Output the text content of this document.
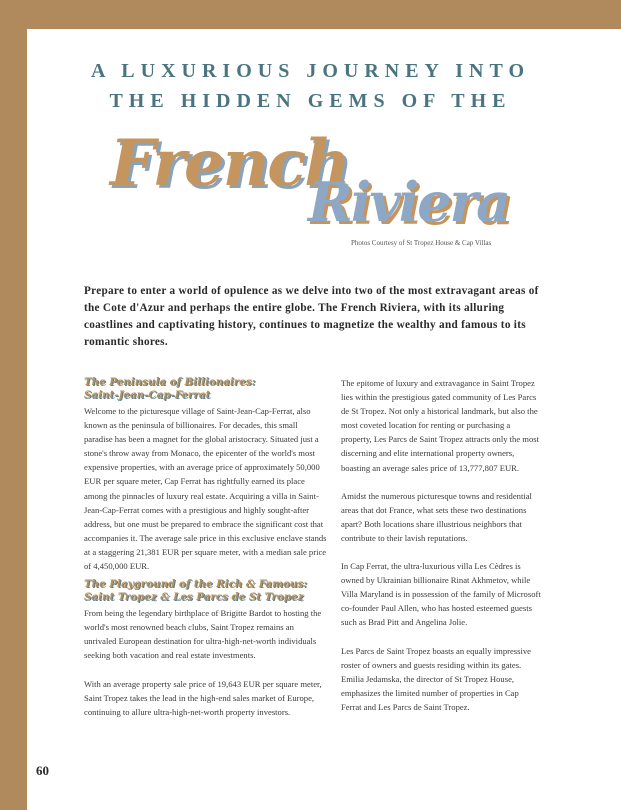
A LUXURIOUS JOURNEY INTO
THE HIDDEN GEMS OF THE
French
Riviera
Photos Courtesy of St Tropez House & Cap Villas
Prepare to enter a world of opulence as we delve into two of the most extravagant areas of the Cote d'Azur and perhaps the entire globe. The French Riviera, with its alluring coastlines and captivating history, continues to magnetize the wealthy and famous to its romantic shores.
The Peninsula of Billionaires:
Saint-Jean-Cap-Ferrat

Welcome to the picturesque village of Saint-Jean-Cap-Ferrat, also known as the peninsula of billionaires. For decades, this small paradise has been a magnet for the global aristocracy. Situated just a stone's throw away from Monaco, the epicenter of the world's most expensive properties, with an average price of approximately 50,000 EUR per square meter, Cap Ferrat has rightfully earned its place among the pinnacles of luxury real estate. Acquiring a villa in Saint-Jean-Cap-Ferrat comes with a prestigious and highly sought-after address, but one must be prepared to embrace the significant cost that accompanies it. The average sale price in this exclusive enclave stands at a staggering 21,381 EUR per square meter, with a median sale price of 4,450,000 EUR.

The Playground of the Rich & Famous:
Saint Tropez & Les Parcs de St Tropez

From being the legendary birthplace of Brigitte Bardot to hosting the world's most renowned beach clubs, Saint Tropez remains an unrivaled European destination for ultra-high-net-worth individuals seeking both vacation and real estate investments.

With an average property sale price of 19,643 EUR per square meter, Saint Tropez takes the lead in the high-end sales market of Europe, continuing to allure ultra-high-net-worth property investors.

The epitome of luxury and extravagance in Saint Tropez lies within the prestigious gated community of Les Parcs de St Tropez. Not only a historical landmark, but also the most coveted location for renting or purchasing a property, Les Parcs de Saint Tropez attracts only the most discerning and elite international property owners, boasting an average sales price of 13,777,807 EUR.

Amidst the numerous picturesque towns and residential areas that dot France, what sets these two destinations apart? Both locations share illustrious neighbors that contribute to their lavish reputations.

In Cap Ferrat, the ultra-luxurious villa Les Cèdres is owned by Ukrainian billionaire Rinat Akhmetov, while Villa Maryland is in possession of the family of Microsoft co-founder Paul Allen, who has hosted esteemed guests such as Brad Pitt and Angelina Jolie.

Les Parcs de Saint Tropez boasts an equally impressive roster of owners and guests residing within its gates. Emilia Jedamska, the director of St Tropez House, emphasizes the limited number of properties in Cap Ferrat and Les Parcs de Saint Tropez.

60
